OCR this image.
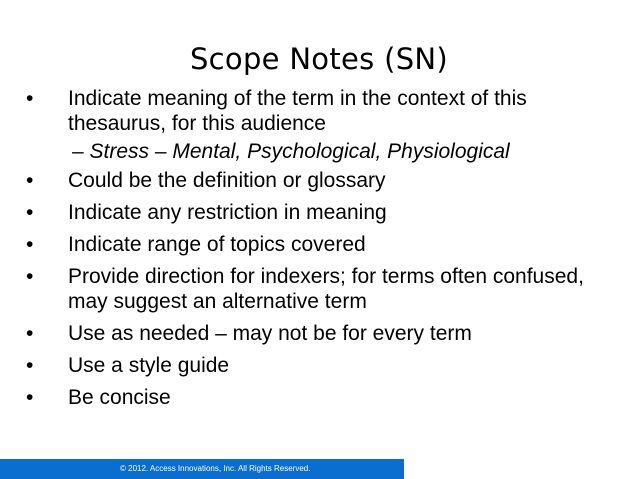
Scope Notes (SN)
•	Indicate meaning of the term in the context of this thesaurus, for this audience
– Stress – Mental, Psychological, Physiological
•	Could be the definition or glossary
•	Indicate any restriction in meaning
•	Indicate range of topics covered
•	Provide direction for indexers; for terms often confused, may suggest an alternative term
•	Use as needed – may not be for every term
•	Use a style guide
•	Be concise
© 2012. Access Innovations, Inc. All Rights Reserved.
